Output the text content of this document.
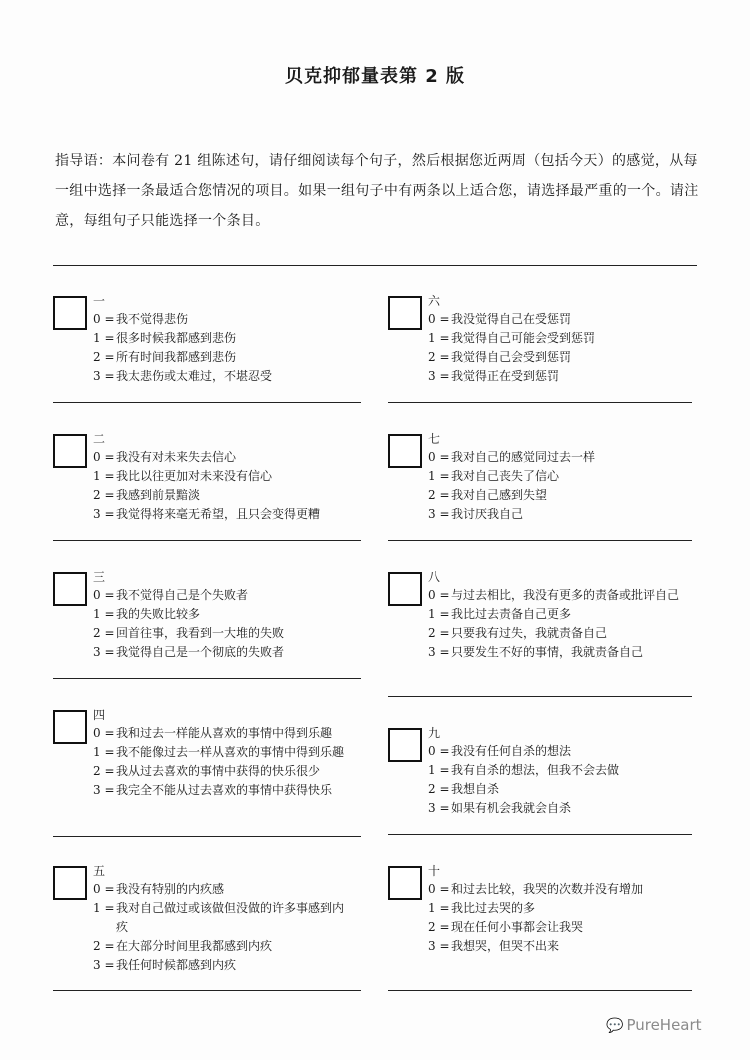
贝克抑郁量表第 2 版
指导语：本问卷有 21 组陈述句，请仔细阅读每个句子，然后根据您近两周（包括今天）的感觉，从每一组中选择一条最适合您情况的项目。如果一组句子中有两条以上适合您，请选择最严重的一个。请注意，每组句子只能选择一个条目。
一
0 = 我不觉得悲伤
1 = 很多时候我都感到悲伤
2 = 所有时间我都感到悲伤
3 = 我太悲伤或太难过，不堪忍受
二
0 = 我没有对未来失去信心
1 = 我比以往更加对未来没有信心
2 = 我感到前景黯淡
3 = 我觉得将来毫无希望，且只会变得更糟
三
0 = 我不觉得自己是个失败者
1 = 我的失败比较多
2 = 回首往事，我看到一大堆的失败
3 = 我觉得自己是一个彻底的失败者
四
0 = 我和过去一样能从喜欢的事情中得到乐趣
1 = 我不能像过去一样从喜欢的事情中得到乐趣
2 = 我从过去喜欢的事情中获得的快乐很少
3 = 我完全不能从过去喜欢的事情中获得快乐
五
0 = 我没有特别的内疚感
1 = 我对自己做过或该做但没做的许多事感到内疚
2 = 在大部分时间里我都感到内疚
3 = 我任何时候都感到内疚
六
0 = 我没觉得自己在受惩罚
1 = 我觉得自己可能会受到惩罚
2 = 我觉得自己会受到惩罚
3 = 我觉得正在受到惩罚
七
0 = 我对自己的感觉同过去一样
1 = 我对自己丧失了信心
2 = 我对自己感到失望
3 = 我讨厌我自己
八
0 = 与过去相比，我没有更多的责备或批评自己
1 = 我比过去责备自己更多
2 = 只要我有过失，我就责备自己
3 = 只要发生不好的事情，我就责备自己
九
0 = 我没有任何自杀的想法
1 = 我有自杀的想法，但我不会去做
2 = 我想自杀
3 = 如果有机会我就会自杀
十
0 = 和过去比较，我哭的次数并没有增加
1 = 我比过去哭的多
2 = 现在任何小事都会让我哭
3 = 我想哭，但哭不出来
💬 PureHeart
